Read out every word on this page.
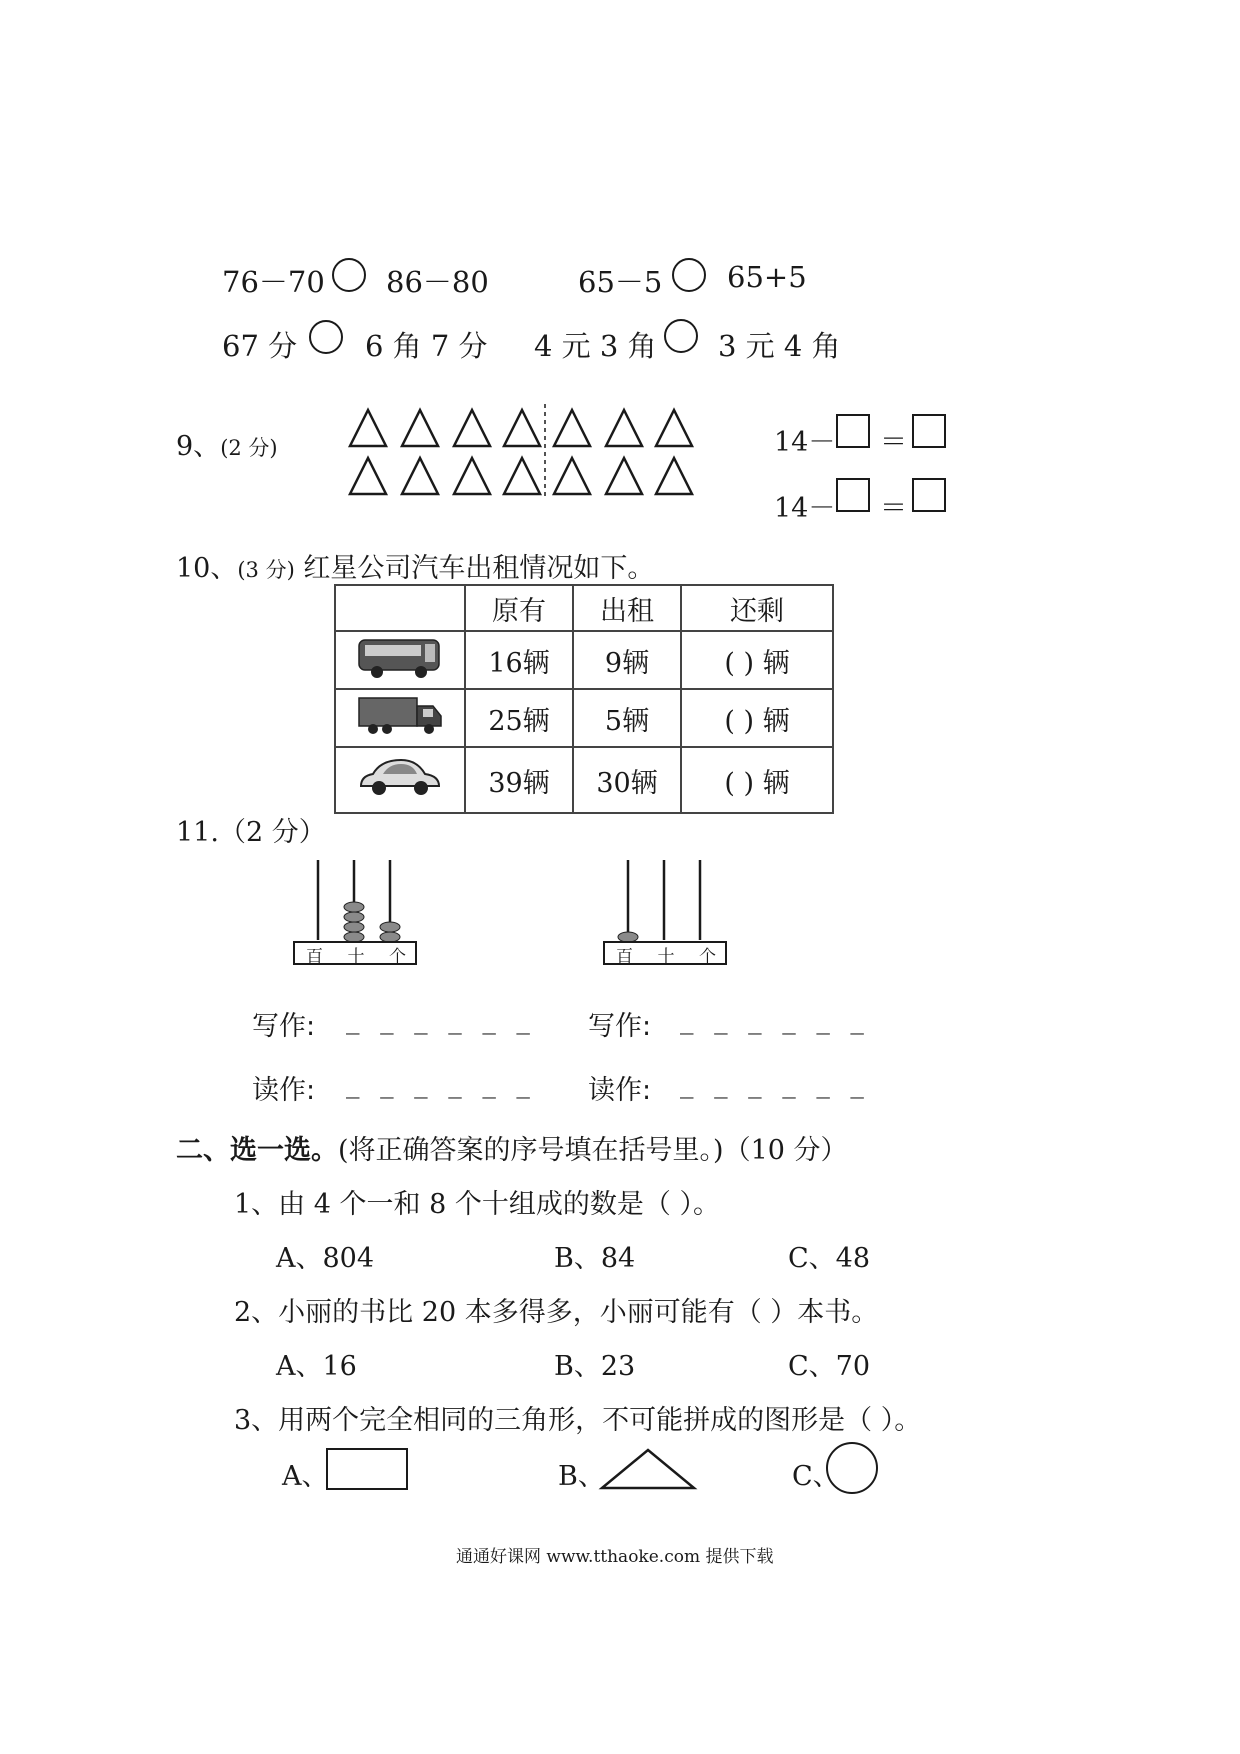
76－70 86－80	65－5 65+5
67 分 6 角 7 分 4 元 3 角 3 元 4 角
9、(2 分)	14－ ＝
14－ ＝
10、(3 分) 红星公司汽车出租情况如下。
	原有	出租	还剩
	16辆	9辆	( ) 辆
	25辆	5辆	( ) 辆
	39辆	30辆	( ) 辆
11.（2 分）
百 十 个	百 十 个
写作: _ _ _ _ _ _ 写作: _ _ _ _ _ _
读作: _ _ _ _ _ _ 读作: _ _ _ _ _ _
二、选一选。(将正确答案的序号填在括号里。)（10 分）
1、由 4 个一和 8 个十组成的数是（ ）。
A、804	B、84	C、48
2、小丽的书比 20 本多得多，小丽可能有（ ）本书。
A、16	B、23	C、70
3、用两个完全相同的三角形，不可能拼成的图形是（ ）。
A、	B、	C、
通通好课网 www.tthaoke.com 提供下载
